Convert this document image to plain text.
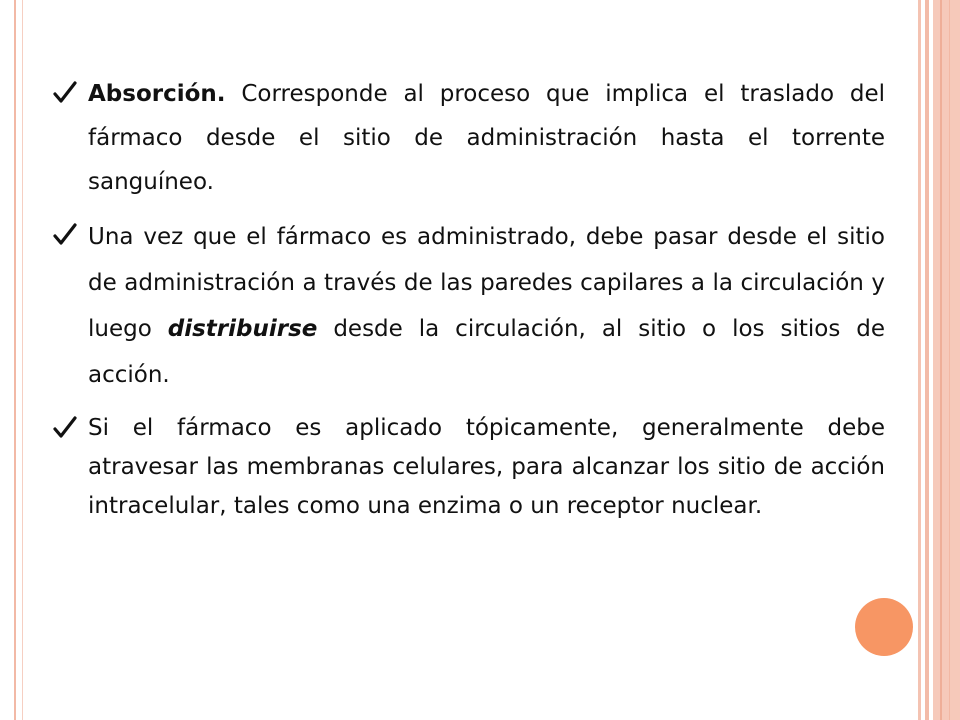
Absorción. Corresponde al proceso que implica el traslado del fármaco desde el sitio de administración hasta el torrente sanguíneo.

Una vez que el fármaco es administrado, debe pasar desde el sitio de administración a través de las paredes capilares a la circulación y luego distribuirse desde la circulación, al sitio o los sitios de acción.

Si el fármaco es aplicado tópicamente, generalmente debe atravesar las membranas celulares, para alcanzar los sitio de acción intracelular, tales como una enzima o un receptor nuclear.
